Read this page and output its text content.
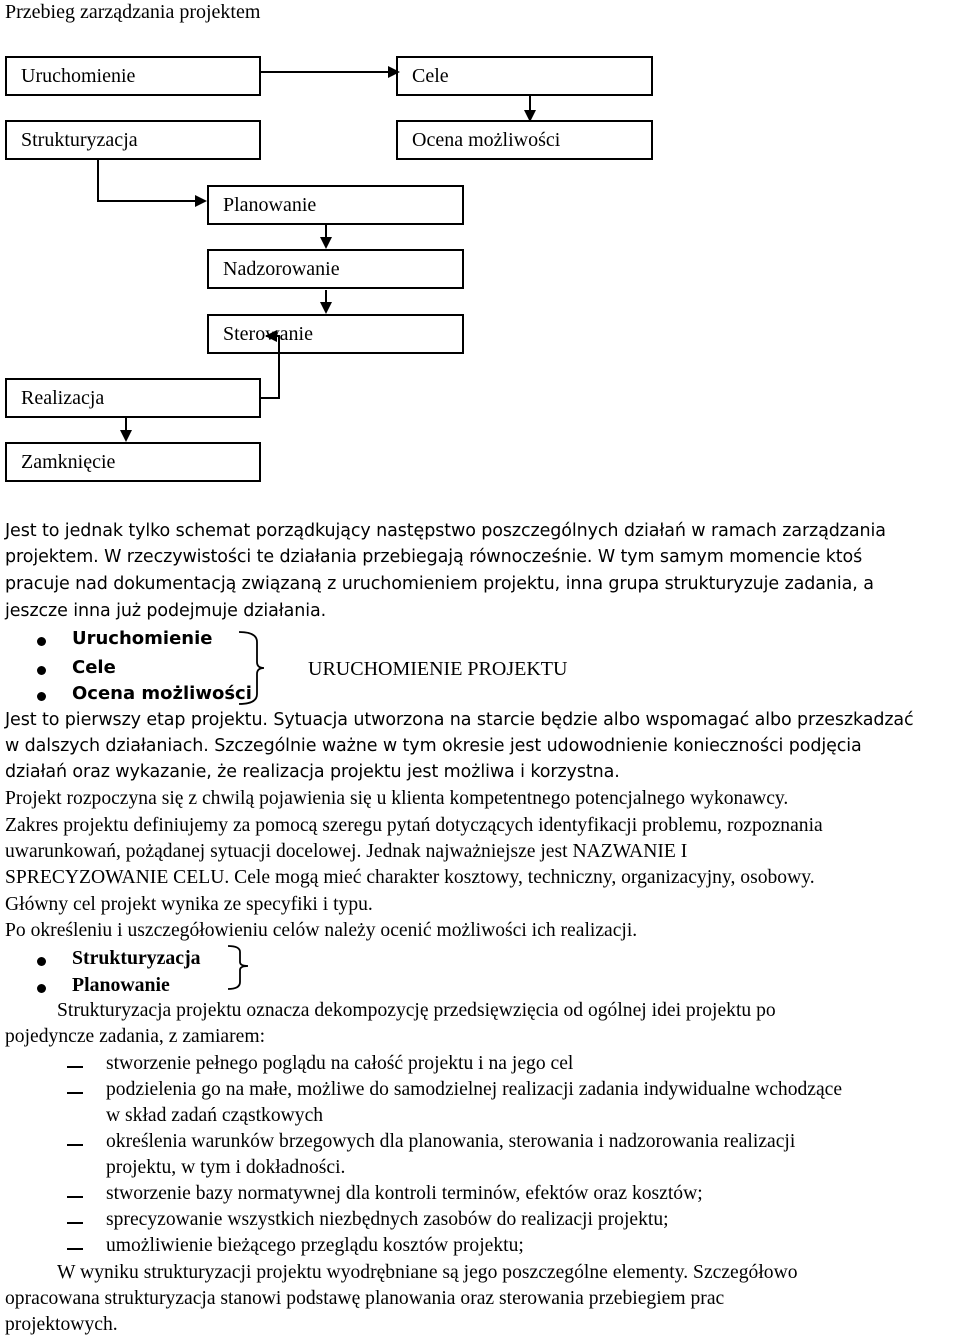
Przebieg zarządzania projektem
Uruchomienie	Cele
Strukturyzacja	Ocena możliwości
Planowanie
Nadzorowanie
Sterowanie
Realizacja
Zamknięcie
Jest to jednak tylko schemat porządkujący następstwo poszczególnych działań w ramach zarządzania
projektem. W rzeczywistości te działania przebiegają równocześnie. W tym samym momencie ktoś
pracuje nad dokumentacją związaną z uruchomieniem projektu, inna grupa strukturyzuje zadania, a
jeszcze inna już podejmuje działania.
Uruchomienie
Cele
Ocena możliwości
URUCHOMIENIE PROJEKTU
Jest to pierwszy etap projektu. Sytuacja utworzona na starcie będzie albo wspomagać albo przeszkadzać
w dalszych działaniach. Szczególnie ważne w tym okresie jest udowodnienie konieczności podjęcia
działań oraz wykazanie, że realizacja projektu jest możliwa i korzystna.
Projekt rozpoczyna się z chwilą pojawienia się u klienta kompetentnego potencjalnego wykonawcy.
Zakres projektu definiujemy za pomocą szeregu pytań dotyczących identyfikacji problemu, rozpoznania
uwarunkowań, pożądanej sytuacji docelowej. Jednak najważniejsze jest NAZWANIE I
SPRECYZOWANIE CELU. Cele mogą mieć charakter kosztowy, techniczny, organizacyjny, osobowy.
Główny cel projekt wynika ze specyfiki i typu.
Po określeniu i uszczegółowieniu celów należy ocenić możliwości ich realizacji.
Strukturyzacja
Planowanie
Strukturyzacja projektu oznacza dekompozycję przedsięwzięcia od ogólnej idei projektu po
pojedyncze zadania, z zamiarem:
stworzenie pełnego poglądu na całość projektu i na jego cel
podzielenia go na małe, możliwe do samodzielnej realizacji zadania indywidualne wchodzące
w skład zadań cząstkowych
określenia warunków brzegowych dla planowania, sterowania i nadzorowania realizacji
projektu, w tym i dokładności.
stworzenie bazy normatywnej dla kontroli terminów, efektów oraz kosztów;
sprecyzowanie wszystkich niezbędnych zasobów do realizacji projektu;
umożliwienie bieżącego przeglądu kosztów projektu;
W wyniku strukturyzacji projektu wyodrębniane są jego poszczególne elementy. Szczegółowo
opracowana strukturyzacja stanowi podstawę planowania oraz sterowania przebiegiem prac
projektowych.
